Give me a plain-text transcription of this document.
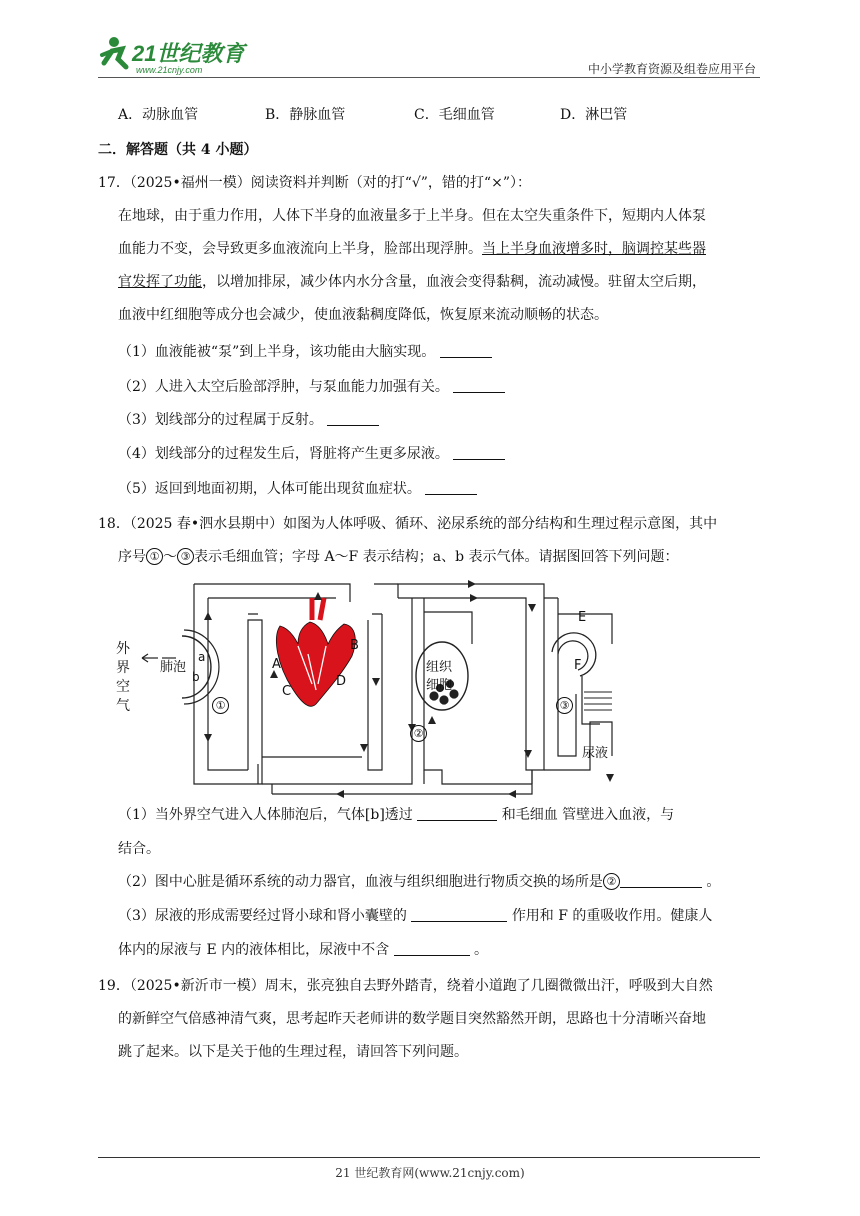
21世纪教育
www.21cnjy.com	中小学教育资源及组卷应用平台
A．动脉血管	B．静脉血管	C．毛细血管	D．淋巴管
二．解答题（共 4 小题）
17．（2025•福州一模）阅读资料并判断（对的打“√”，错的打“×”）：
在地球，由于重力作用，人体下半身的血液量多于上半身。但在太空失重条件下，短期内人体泵
血能力不变，会导致更多血液流向上半身，脸部出现浮肿。当上半身血液增多时，脑调控某些器
官发挥了功能，以增加排尿，减少体内水分含量，血液会变得黏稠，流动减慢。驻留太空后期，
血液中红细胞等成分也会减少，使血液黏稠度降低，恢复原来流动顺畅的状态。
（1）血液能被“泵”到上半身，该功能由大脑实现。
（2）人进入太空后脸部浮肿，与泵血能力加强有关。
（3）划线部分的过程属于反射。
（4）划线部分的过程发生后，肾脏将产生更多尿液。
（5）返回到地面初期，人体可能出现贫血症状。
18．（2025 春•泗水县期中）如图为人体呼吸、循环、泌尿系统的部分结构和生理过程示意图，其中
序号 ① ～ ③ 表示毛细血管；字母 A～F 表示结构；a、b 表示气体。请据图回答下列问题：
外
界
空
气
肺泡
a
b
①
②
③
A
B
C
D
E
F
组织
细胞
尿液
（1）当外界空气进入人体肺泡后，气体[b]透过	和毛细血 管壁进入血液，与
结合。
（2）图中心脏是循环系统的动力器官，血液与组织细胞进行物质交换的场所是 ②	。
（3）尿液的形成需要经过肾小球和肾小囊壁的	作用和 F 的重吸收作用。健康人
体内的尿液与 E 内的液体相比，尿液中不含	。
19．（2025•新沂市一模）周末，张亮独自去野外踏青，绕着小道跑了几圈微微出汗，呼吸到大自然
的新鲜空气倍感神清气爽，思考起昨天老师讲的数学题目突然豁然开朗，思路也十分清晰兴奋地
跳了起来。以下是关于他的生理过程，请回答下列问题。
21 世纪教育网(www.21cnjy.com)
